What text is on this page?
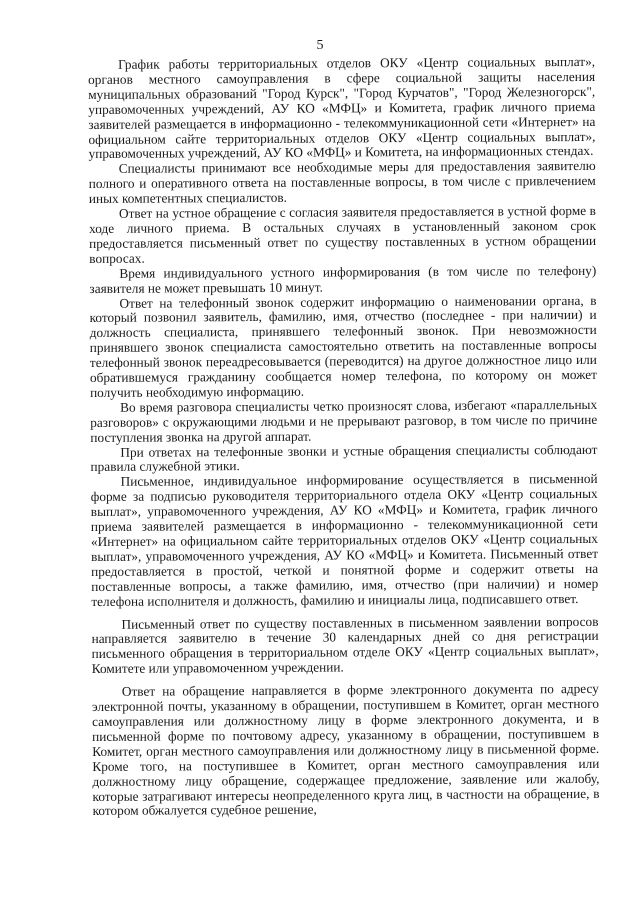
5

График работы территориальных отделов ОКУ «Центр социальных выплат», органов местного самоуправления в сфере социальной защиты населения муниципальных образований "Город Курск", "Город Курчатов", "Город Железногорск", управомоченных учреждений, АУ КО «МФЦ» и Комитета, график личного приема заявителей размещается в информационно - телекоммуникационной сети «Интернет» на официальном сайте территориальных отделов ОКУ «Центр социальных выплат», управомоченных учреждений, АУ КО «МФЦ» и Комитета, на информационных стендах.

Специалисты принимают все необходимые меры для предоставления заявителю полного и оперативного ответа на поставленные вопросы, в том числе с привлечением иных компетентных специалистов.

Ответ на устное обращение с согласия заявителя предоставляется в устной форме в ходе личного приема. В остальных случаях в установленный законом срок предоставляется письменный ответ по существу поставленных в устном обращении вопросах.

Время индивидуального устного информирования (в том числе по телефону) заявителя не может превышать 10 минут.

Ответ на телефонный звонок содержит информацию о наименовании органа, в который позвонил заявитель, фамилию, имя, отчество (последнее - при наличии) и должность специалиста, принявшего телефонный звонок. При невозможности принявшего звонок специалиста самостоятельно ответить на поставленные вопросы телефонный звонок переадресовывается (переводится) на другое должностное лицо или обратившемуся гражданину сообщается номер телефона, по которому он может получить необходимую информацию.

Во время разговора специалисты четко произносят слова, избегают «параллельных разговоров» с окружающими людьми и не прерывают разговор, в том числе по причине поступления звонка на другой аппарат.

При ответах на телефонные звонки и устные обращения специалисты соблюдают правила служебной этики.

Письменное, индивидуальное информирование осуществляется в письменной форме за подписью руководителя территориального отдела ОКУ «Центр социальных выплат», управомоченного учреждения, АУ КО «МФЦ» и Комитета, график личного приема заявителей размещается в информационно - телекоммуникационной сети «Интернет» на официальном сайте территориальных отделов ОКУ «Центр социальных выплат», управомоченного учреждения, АУ КО «МФЦ» и Комитета. Письменный ответ предоставляется в простой, четкой и понятной форме и содержит ответы на поставленные вопросы, а также фамилию, имя, отчество (при наличии) и номер телефона исполнителя и должность, фамилию и инициалы лица, подписавшего ответ.

Письменный ответ по существу поставленных в письменном заявлении вопросов направляется заявителю в течение 30 календарных дней со дня регистрации письменного обращения в территориальном отделе ОКУ «Центр социальных выплат», Комитете или управомоченном учреждении.

Ответ на обращение направляется в форме электронного документа по адресу электронной почты, указанному в обращении, поступившем в Комитет, орган местного самоуправления или должностному лицу в форме электронного документа, и в письменной форме по почтовому адресу, указанному в обращении, поступившем в Комитет, орган местного самоуправления или должностному лицу в письменной форме. Кроме того, на поступившее в Комитет, орган местного самоуправления или должностному лицу обращение, содержащее предложение, заявление или жалобу, которые затрагивают интересы неопределенного круга лиц, в частности на обращение, в котором обжалуется судебное решение,
